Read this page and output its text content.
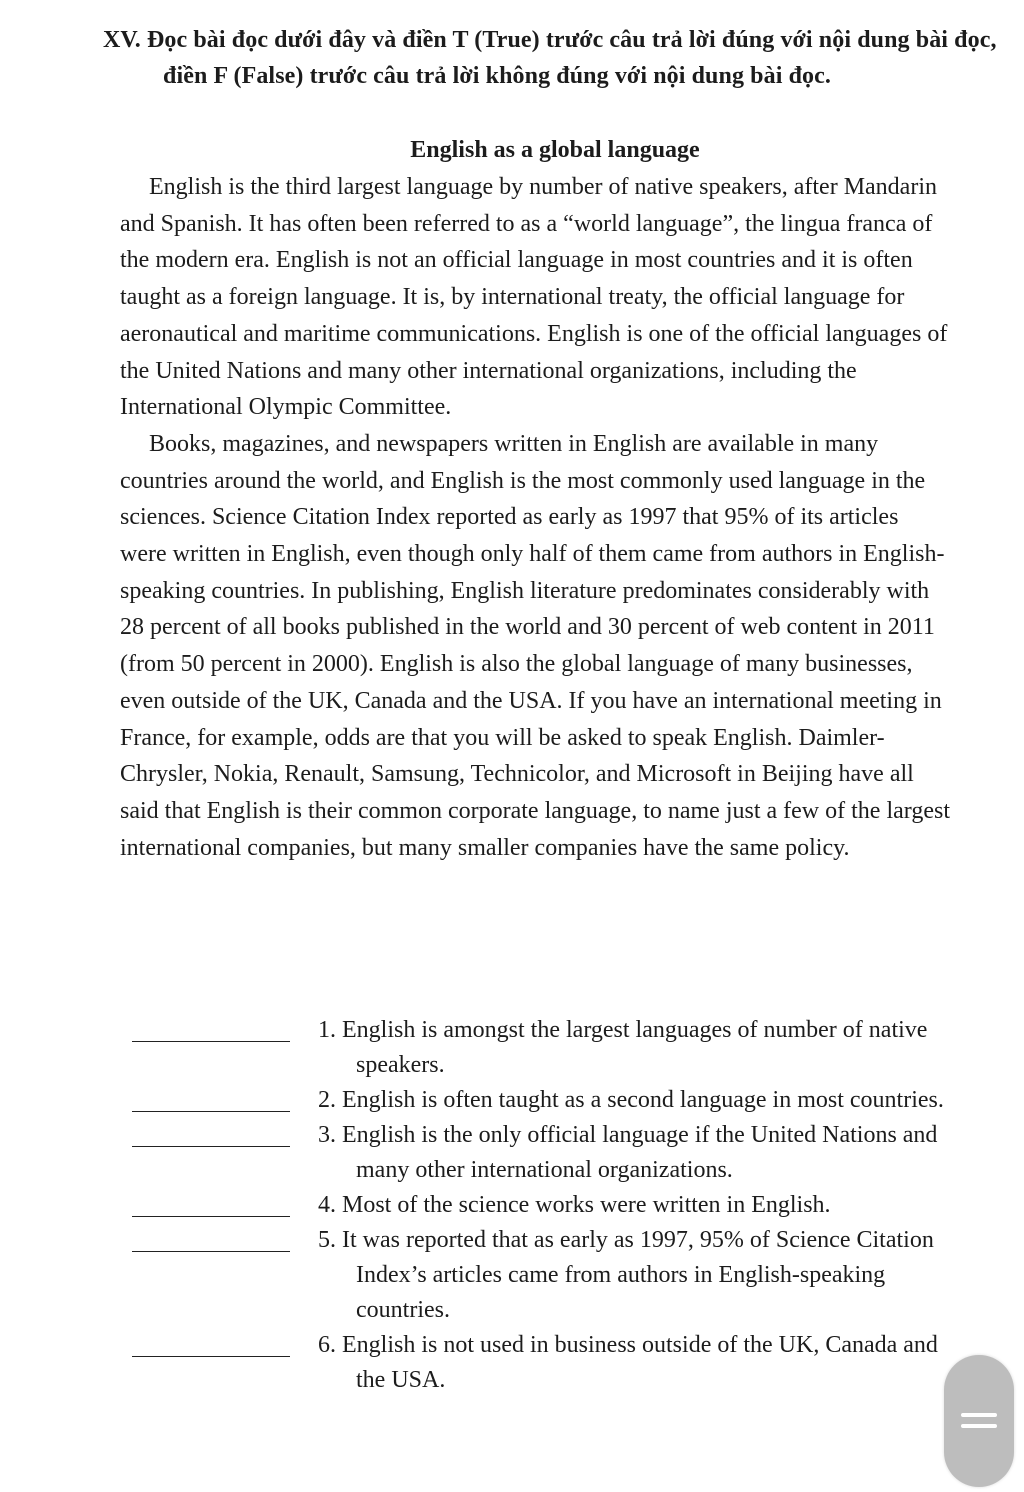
XV. Đọc bài đọc dưới đây và điền T (True) trước câu trả lời đúng với nội dung bài đọc, điền F (False) trước câu trả lời không đúng với nội dung bài đọc.
English as a global language

English is the third largest language by number of native speakers, after Mandarin and Spanish. It has often been referred to as a “world language”, the lingua franca of the modern era. English is not an official language in most countries and it is often taught as a foreign language. It is, by international treaty, the official language for aeronautical and maritime communications. English is one of the official languages of the United Nations and many other international organizations, including the International Olympic Committee.

Books, magazines, and newspapers written in English are available in many countries around the world, and English is the most commonly used language in the sciences. Science Citation Index reported as early as 1997 that 95% of its articles were written in English, even though only half of them came from authors in English-speaking countries. In publishing, English literature predominates considerably with 28 percent of all books published in the world and 30 percent of web content in 2011 (from 50 percent in 2000). English is also the global language of many businesses, even outside of the UK, Canada and the USA. If you have an international meeting in France, for example, odds are that you will be asked to speak English. Daimler-Chrysler, Nokia, Renault, Samsung, Technicolor, and Microsoft in Beijing have all said that English is their common corporate language, to name just a few of the largest international companies, but many smaller companies have the same policy.

1. English is amongst the largest languages of number of native speakers.
2. English is often taught as a second language in most countries.
3. English is the only official language if the United Nations and many other international organizations.
4. Most of the science works were written in English.
5. It was reported that as early as 1997, 95% of Science Citation Index’s articles came from authors in English-speaking countries.
6. English is not used in business outside of the UK, Canada and the USA.
